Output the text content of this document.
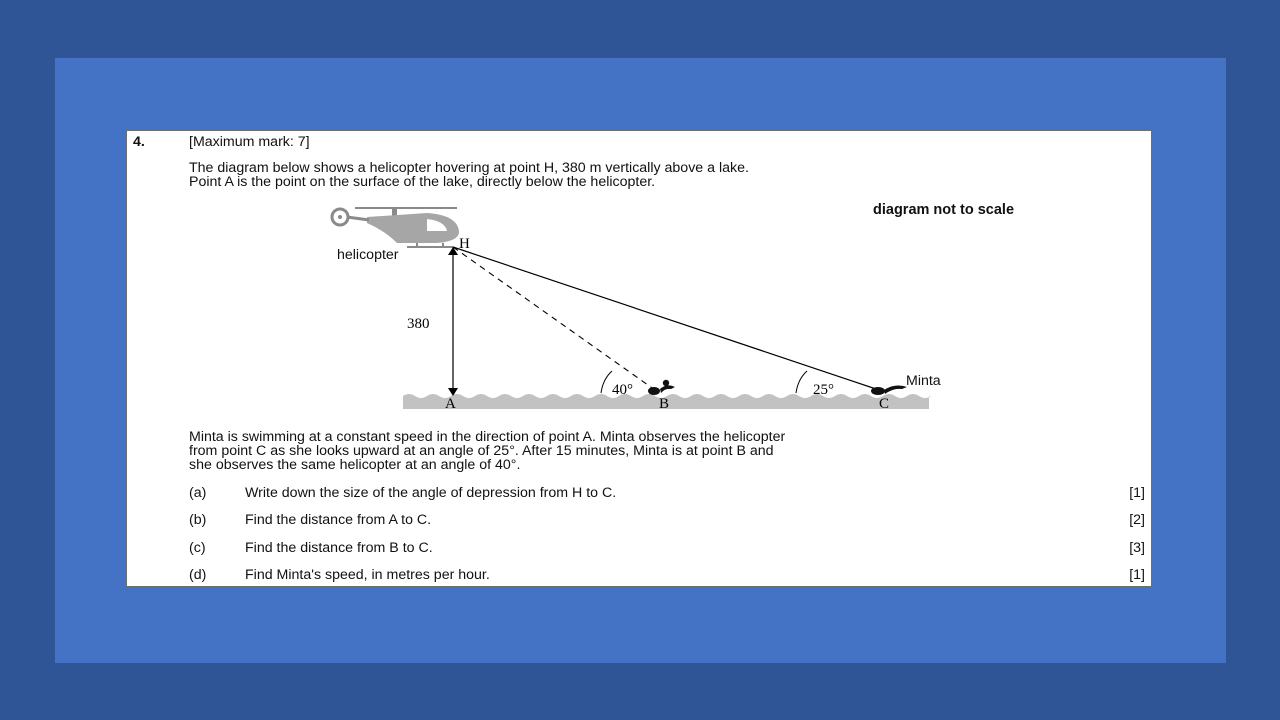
4.	[Maximum mark: 7]
The diagram below shows a helicopter hovering at point H, 380 m vertically above a lake.
Point A is the point on the surface of the lake, directly below the helicopter.
diagram not to scale
H
A	B	C
380
40°	25°
helicopter
Minta
Minta is swimming at a constant speed in the direction of point A. Minta observes the helicopter
from point C as she looks upward at an angle of 25°. After 15 minutes, Minta is at point B and
she observes the same helicopter at an angle of 40°.
(a)	Write down the size of the angle of depression from H to C.	[1]
(b)	Find the distance from A to C.	[2]
(c)	Find the distance from B to C.	[3]
(d)	Find Minta's speed, in metres per hour.	[1]
